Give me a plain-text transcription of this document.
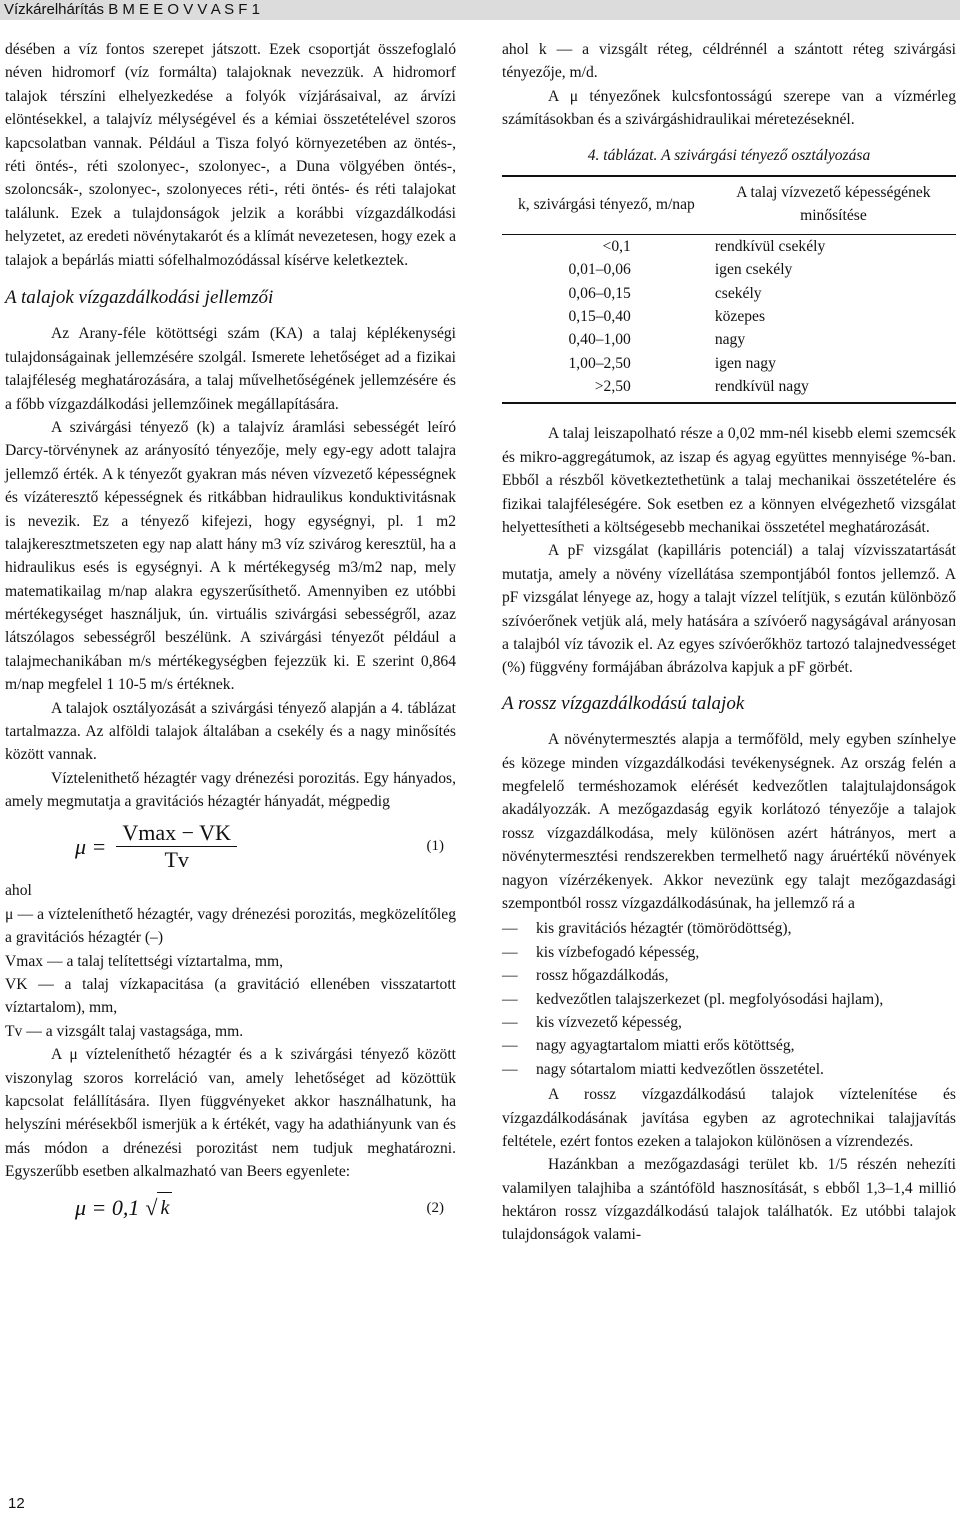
Vízkárelhárítás B M E E O V V A S F 1

désében a víz fontos szerepet játszott. Ezek csoportját összefoglaló néven hidromorf (víz formálta) talajoknak nevezzük. A hidromorf talajok térszíni elhelyezkedése a folyók vízjárásaival, az árvízi elöntésekkel, a talajvíz mélységével és a kémiai összetételével szoros kapcsolatban vannak. Például a Tisza folyó környezetében az öntés-, réti öntés-, réti szolonyec-, szolonyec-, a Duna völgyében öntés-, szoloncsák-, szolonyec-, szolonyeces réti-, réti öntés- és réti talajokat találunk. Ezek a tulajdonságok jelzik a korábbi vízgazdálkodási helyzetet, az eredeti növénytakarót és a klímát nevezetesen, hogy ezek a talajok a bepárlás miatti sófelhalmozódással kísérve keletkeztek.

A talajok vízgazdálkodási jellemzői

Az Arany-féle kötöttségi szám (KA) a talaj képlékenységi tulajdonságainak jellemzésére szolgál. Ismerete lehetőséget ad a fizikai talajféleség meghatározására, a talaj művelhetőségének jellemzésére és a főbb vízgazdálkodási jellemzőinek megállapítására.

A szivárgási tényező (k) a talajvíz áramlási sebességét leíró Darcy-törvénynek az arányosító tényezője, mely egy-egy adott talajra jellemző érték. A k tényezőt gyakran más néven vízvezető képességnek és vízáteresztő képességnek és ritkábban hidraulikus konduktivitásnak is nevezik. Ez a tényező kifejezi, hogy egységnyi, pl. 1 m2 talajkeresztmetszeten egy nap alatt hány m3 víz szivárog keresztül, ha a hidraulikus esés is egységnyi. A k mértékegység m3/m2 nap, mely matematikailag m/nap alakra egyszerűsíthető. Amennyiben ez utóbbi mértékegységet használjuk, ún. virtuális szivárgási sebességről, azaz látszólagos sebességről beszélünk. A szivárgási tényezőt például a talajmechanikában m/s mértékegységben fejezzük ki. E szerint 0,864 m/nap megfelel 1 10-5 m/s értéknek.

A talajok osztályozását a szivárgási tényező alapján a 4. táblázat tartalmazza. Az alföldi talajok általában a csekély és a nagy minősítés között vannak.

Víztelenithető hézagtér vagy drénezési porozitás. Egy hányados, amely megmutatja a gravitációs hézagtér hányadát, mégpedig

$\mu = \frac{Vmax - VK}{Tv}$	(1)

ahol

μ — a vízteleníthető hézagtér, vagy drénezési porozitás, megközelítőleg a gravitációs hézagtér (–)

Vmax — a talaj telítettségi víztartalma, mm,

VK — a talaj vízkapacitása (a gravitáció ellenében visszatartott víztartalom), mm,

Tv — a vizsgált talaj vastagsága, mm.

A μ vízteleníthető hézagtér és a k szivárgási tényező között viszonylag szoros korreláció van, amely lehetőséget ad közöttük kapcsolat felállítására. Ilyen függvényeket akkor használhatunk, ha helyszíni mérésekből ismerjük a k értékét, vagy ha adathiányunk van és más módon a drénezési porozitást nem tudjuk meghatározni. Egyszerűbb esetben alkalmazható van Beers egyenlete:

μ = 0,1 √ k	(2)

ahol k — a vizsgált réteg, céldrénnél a szántott réteg szivárgási tényezője, m/d.

A μ tényezőnek kulcsfontosságú szerepe van a vízmérleg számításokban és a szivárgáshidraulikai méretezéseknél.

4. táblázat. A szivárgási tényező osztályozása
k, szivárgási tényező, m/nap	A talaj vízvezető képességének minősítése
<0,1	rendkívül csekély
0,01–0,06	igen csekély
0,06–0,15	csekély
0,15–0,40	közepes
0,40–1,00	nagy
1,00–2,50	igen nagy
>2,50	rendkívül nagy

A talaj leiszapolható része a 0,02 mm-nél kisebb elemi szemcsék és mikro-aggregátumok, az iszap és agyag együttes mennyisége %-ban. Ebből a részből következtethetünk a talaj mechanikai összetételére és fizikai talajféleségére. Sok esetben ez a könnyen elvégezhető vizsgálat helyettesítheti a költségesebb mechanikai összetétel meghatározását.

A pF vizsgálat (kapilláris potenciál) a talaj vízvisszatartását mutatja, amely a növény vízellátása szempontjából fontos jellemző. A pF vizsgálat lényege az, hogy a talajt vízzel telítjük, s ezután különböző szívóerőnek vetjük alá, mely hatására a szívóerő nagyságával arányosan a talajból víz távozik el. Az egyes szívóerőkhöz tartozó talajnedvességet (%) függvény formájában ábrázolva kapjuk a pF görbét.

A rossz vízgazdálkodású talajok

A növénytermesztés alapja a termőföld, mely egyben színhelye és közege minden vízgazdálkodási tevékenységnek. Az ország felén a megfelelő terméshozamok elérését kedvezőtlen talajtulajdonságok akadályozzák. A mezőgazdaság egyik korlátozó tényezője a talajok rossz vízgazdálkodása, mely különösen azért hátrányos, mert a növénytermesztési rendszerekben termelhető nagy áruértékű növények nagyon vízérzékenyek. Akkor nevezünk egy talajt mezőgazdasági szempontból rossz vízgazdálkodásúnak, ha jellemző rá a

— kis gravitációs hézagtér (tömörödöttség),
— kis vízbefogadó képesség,
— rossz hőgazdálkodás,
— kedvezőtlen talajszerkezet (pl. megfolyósodási hajlam),
— kis vízvezető képesség,
— nagy agyagtartalom miatti erős kötöttség,
— nagy sótartalom miatti kedvezőtlen összetétel.

A rossz vízgazdálkodású talajok víztelenítése és vízgazdálkodásának javítása egyben az agrotechnikai talajjavítás feltétele, ezért fontos ezeken a talajokon különösen a vízrendezés.

Hazánkban a mezőgazdasági terület kb. 1/5 részén nehezíti valamilyen talajhiba a szántóföld hasznosítását, s ebből 1,3–1,4 millió hektáron rossz vízgazdálkodású talajok találhatók. Ez utóbbi talajok tulajdonságok valami-

12
